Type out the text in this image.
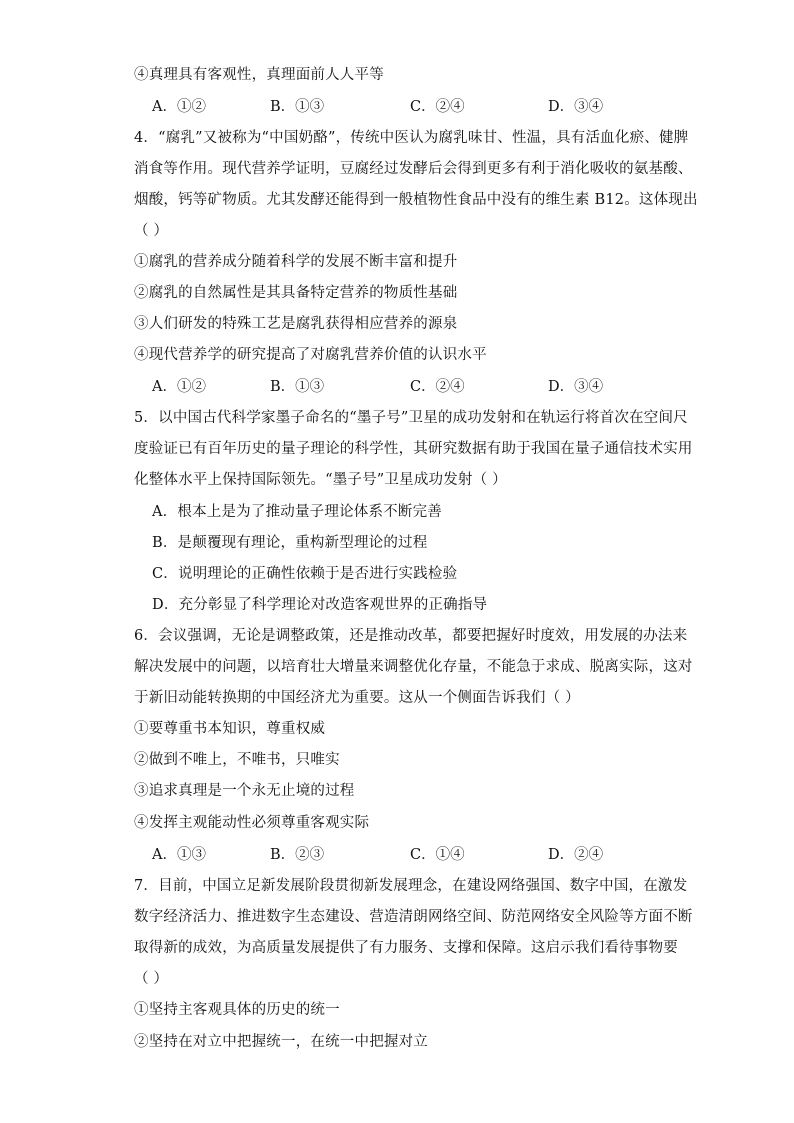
④真理具有客观性，真理面前人人平等
A．①②	B．①③	C．②④	D．③④
4．“腐乳”又被称为“中国奶酪”，传统中医认为腐乳味甘、性温，具有活血化瘀、健脾
消食等作用。现代营养学证明，豆腐经过发酵后会得到更多有利于消化吸收的氨基酸、
烟酸，钙等矿物质。尤其发酵还能得到一般植物性食品中没有的维生素 B12。这体现出
（ ）
①腐乳的营养成分随着科学的发展不断丰富和提升
②腐乳的自然属性是其具备特定营养的物质性基础
③人们研发的特殊工艺是腐乳获得相应营养的源泉
④现代营养学的研究提高了对腐乳营养价值的认识水平
A．①②	B．①③	C．②④	D．③④
5．以中国古代科学家墨子命名的“墨子号”卫星的成功发射和在轨运行将首次在空间尺
度验证已有百年历史的量子理论的科学性，其研究数据有助于我国在量子通信技术实用
化整体水平上保持国际领先。“墨子号”卫星成功发射（ ）
A．根本上是为了推动量子理论体系不断完善
B．是颠覆现有理论，重构新型理论的过程
C．说明理论的正确性依赖于是否进行实践检验
D．充分彰显了科学理论对改造客观世界的正确指导
6．会议强调，无论是调整政策，还是推动改革，都要把握好时度效，用发展的办法来
解决发展中的问题，以培育壮大增量来调整优化存量，不能急于求成、脱离实际，这对
于新旧动能转换期的中国经济尤为重要。这从一个侧面告诉我们（ ）
①要尊重书本知识，尊重权威
②做到不唯上，不唯书，只唯实
③追求真理是一个永无止境的过程
④发挥主观能动性必须尊重客观实际
A．①③	B．②③	C．①④	D．②④
7．目前，中国立足新发展阶段贯彻新发展理念，在建设网络强国、数字中国，在激发
数字经济活力、推进数字生态建设、营造清朗网络空间、防范网络安全风险等方面不断
取得新的成效，为高质量发展提供了有力服务、支撑和保障。这启示我们看待事物要
（ ）
①坚持主客观具体的历史的统一
②坚持在对立中把握统一，在统一中把握对立
